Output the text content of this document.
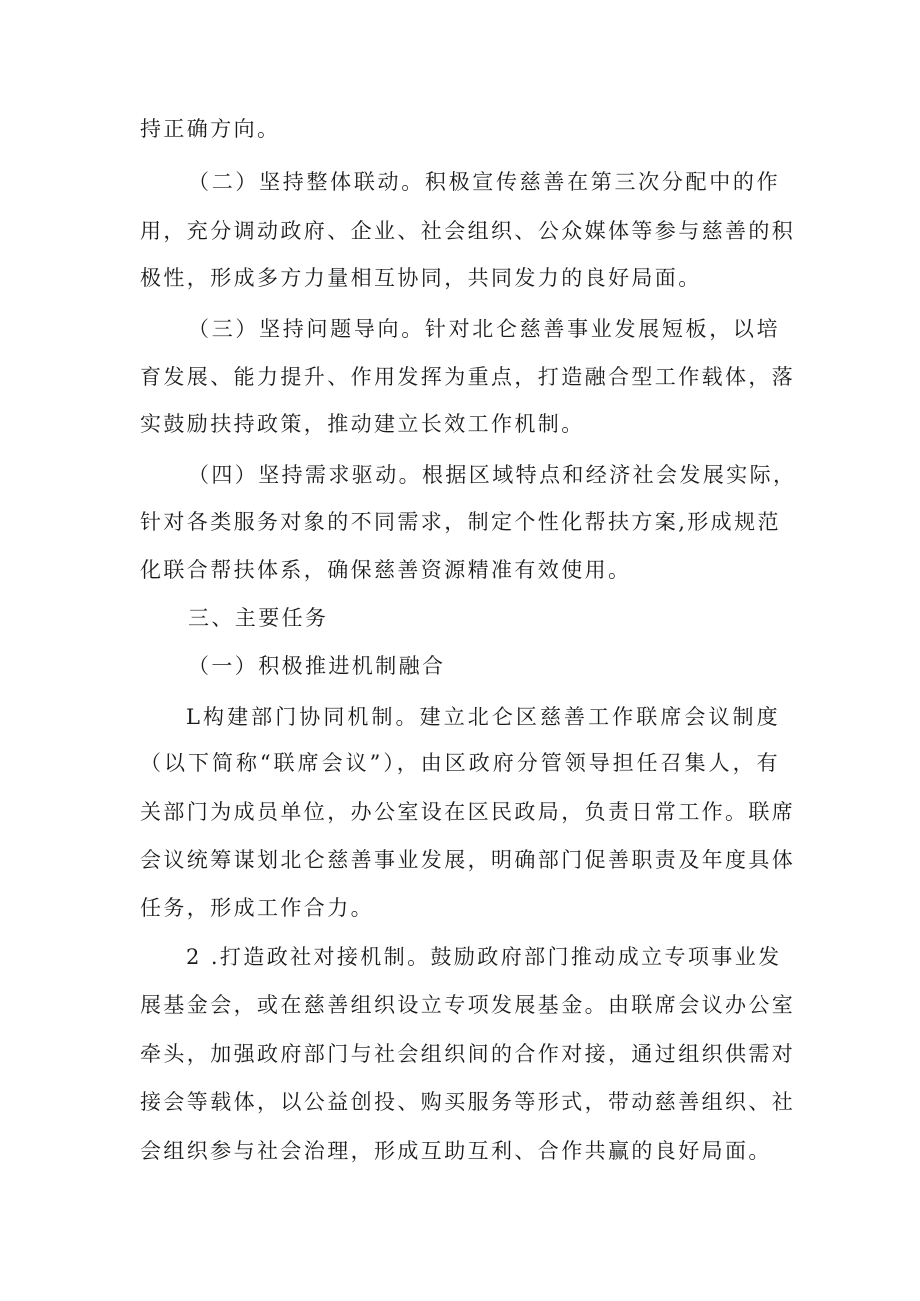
持正确方向。
（二）坚持整体联动。积极宣传慈善在第三次分配中的作
用，充分调动政府、企业、社会组织、公众媒体等参与慈善的积
极性，形成多方力量相互协同，共同发力的良好局面。
（三）坚持问题导向。针对北仑慈善事业发展短板，以培
育发展、能力提升、作用发挥为重点，打造融合型工作载体，落
实鼓励扶持政策，推动建立长效工作机制。
（四）坚持需求驱动。根据区域特点和经济社会发展实际，
针对各类服务对象的不同需求，制定个性化帮扶方案,形成规范
化联合帮扶体系，确保慈善资源精准有效使用。
三、主要任务
（一）积极推进机制融合
L构建部门协同机制。建立北仑区慈善工作联席会议制度
（以下简称“联席会议”），由区政府分管领导担任召集人，有
关部门为成员单位，办公室设在区民政局，负责日常工作。联席
会议统筹谋划北仑慈善事业发展，明确部门促善职责及年度具体
任务，形成工作合力。
2 .打造政社对接机制。鼓励政府部门推动成立专项事业发
展基金会，或在慈善组织设立专项发展基金。由联席会议办公室
牵头，加强政府部门与社会组织间的合作对接，通过组织供需对
接会等载体，以公益创投、购买服务等形式，带动慈善组织、社
会组织参与社会治理，形成互助互利、合作共赢的良好局面。
